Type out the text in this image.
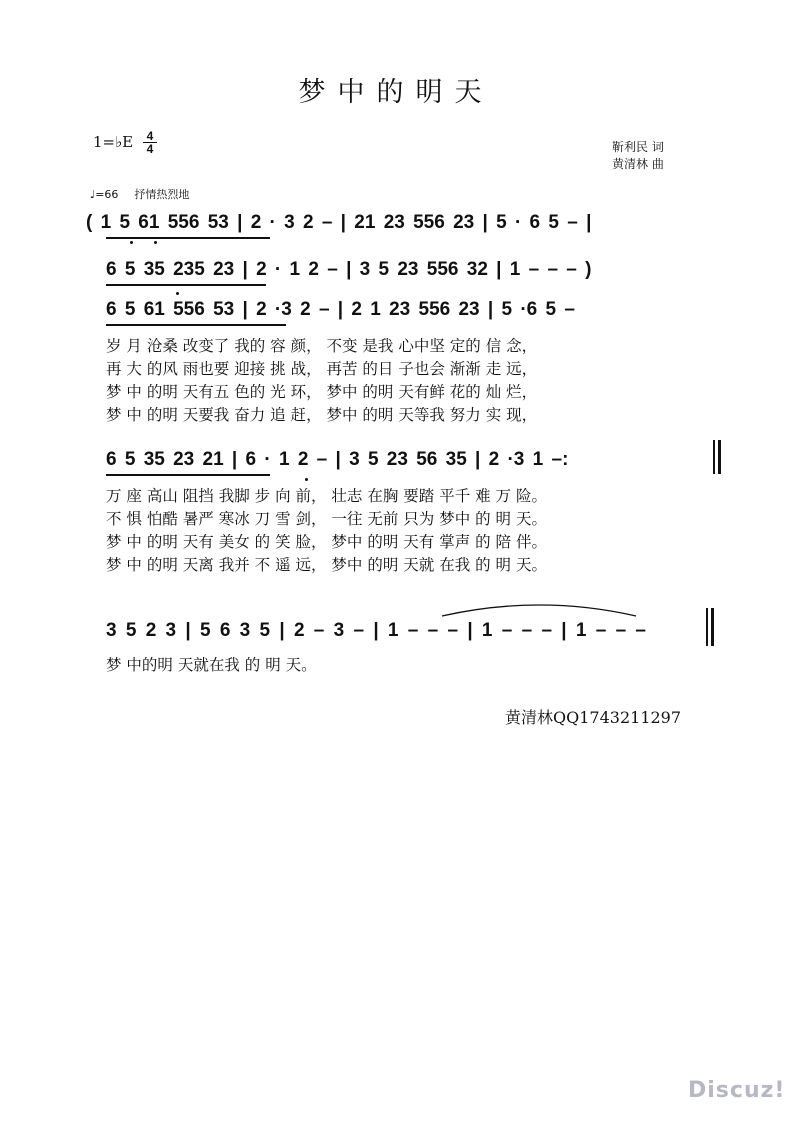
梦中的明天
1=♭E	4
4	靳利民 词
黄清林 曲
♩=66 抒情热烈地
( 1 5 61 556 53 | 2 · 3 2 – | 21 23 556 23 | 5 · 6 5 – |
6 5 35 235 23 | 2 · 1 2 – | 3 5 23 556 32 | 1 – – – )
6 5 61 556 53 | 2 ·3 2 – | 2 1 23 556 23 | 5 ·6 5 –
岁 月 沧桑 改变了 我的 容 颜， 不变 是我 心中坚 定的 信 念，
再 大 的风 雨也要 迎接 挑 战， 再苦 的日 子也会 渐渐 走 远，
梦 中 的明 天有五 色的 光 环， 梦中 的明 天有鲜 花的 灿 烂，
梦 中 的明 天要我 奋力 追 赶， 梦中 的明 天等我 努力 实 现，
6 5 35 23 21 | 6 · 1 2 – | 3 5 23 56 35 | 2 ·3 1 –:
万 座 高山 阻挡 我脚 步 向 前， 壮志 在胸 要踏 平千 难 万 险。
不 惧 怕酷 暑严 寒冰 刀 雪 剑， 一往 无前 只为 梦中 的 明 天。
梦 中 的明 天有 美女 的 笑 脸， 梦中 的明 天有 掌声 的 陪 伴。
梦 中 的明 天离 我并 不 遥 远， 梦中 的明 天就 在我 的 明 天。
3 5 2 3 | 5 6 3 5 | 2 – 3 – | 1 – – – | 1 – – – | 1 – – –
梦 中的明 天就在我 的 明 天。
黄清林QQ1743211297
Discuz!
